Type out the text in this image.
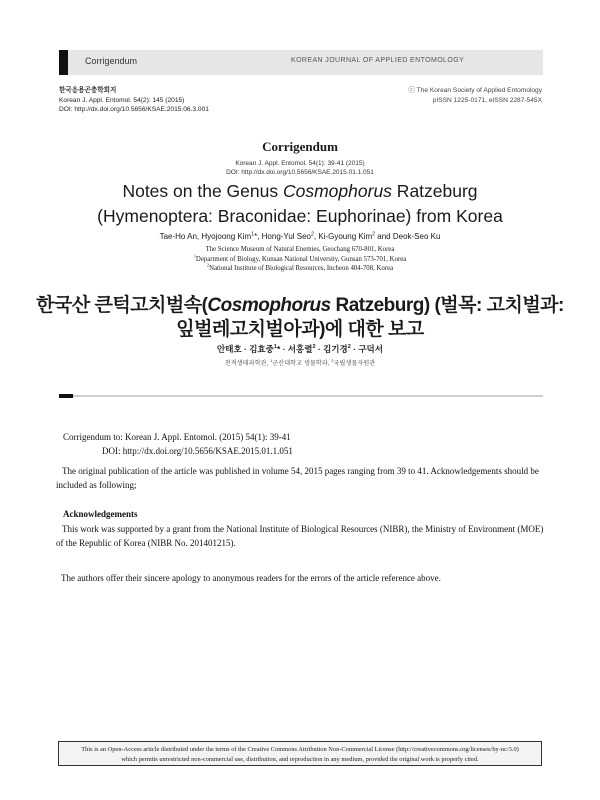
Corrigendum	KOREAN JOURNAL OF APPLIED ENTOMOLOGY
한국응용곤충학회지
Korean J. Appl. Entomol. 54(2): 145 (2015)
DOI: http://dx.doi.org/10.5656/KSAE.2015.06.3.001
ⓒ The Korean Society of Applied Entomology
pISSN 1225-0171, eISSN 2287-545X
Corrigendum
Korean J. Appl. Entomol. 54(1): 39-41 (2015)
DOI: http://dx.doi.org/10.5656/KSAE.2015.01.1.051
Notes on the Genus Cosmophorus Ratzeburg
(Hymenoptera: Braconidae: Euphorinae) from Korea
Tae-Ho An, Hyojoong Kim$^1$*, Hong-Yul Seo$^2$, Ki-Gyoung Kim$^2$ and Deok-Seo Ku
The Science Museum of Natural Enemies, Geochang 670-801, Korea
$^1$Department of Biology, Kunsan National University, Gunsan 573-701, Korea
$^2$National Institute of Biological Resources, Incheon 404-708, Korea
한국산 큰턱고치벌속(Cosmophorus Ratzeburg) (벌목: 고치벌과:
잎벌레고치벌아과)에 대한 보고
안태호 · 김효중$^1$* · 서홍렬$^2$ · 김기경$^2$ · 구덕서
천적생태과학관, $^1$군산대학교 생물학과, $^2$국립생물자원관
Corrigendum to: Korean J. Appl. Entomol. (2015) 54(1): 39-41
DOI: http://dx.doi.org/10.5656/KSAE.2015.01.1.051
The original publication of the article was published in volume 54, 2015 pages ranging from 39 to 41. Acknowledgements should be included as following;
Acknowledgements
This work was supported by a grant from the National Institute of Biological Resources (NIBR), the Ministry of Environment (MOE) of the Republic of Korea (NIBR No. 201401215).
The authors offer their sincere apology to anonymous readers for the errors of the article reference above.
This is an Open-Access article distributed under the terms of the Creative Commons Attribution Non-Commercial License (http://creativecommons.org/licenses/by-nc/3.0)
which permits unrestricted non-commercial use, distribution, and reproduction in any medium, provided the original work is properly cited.
